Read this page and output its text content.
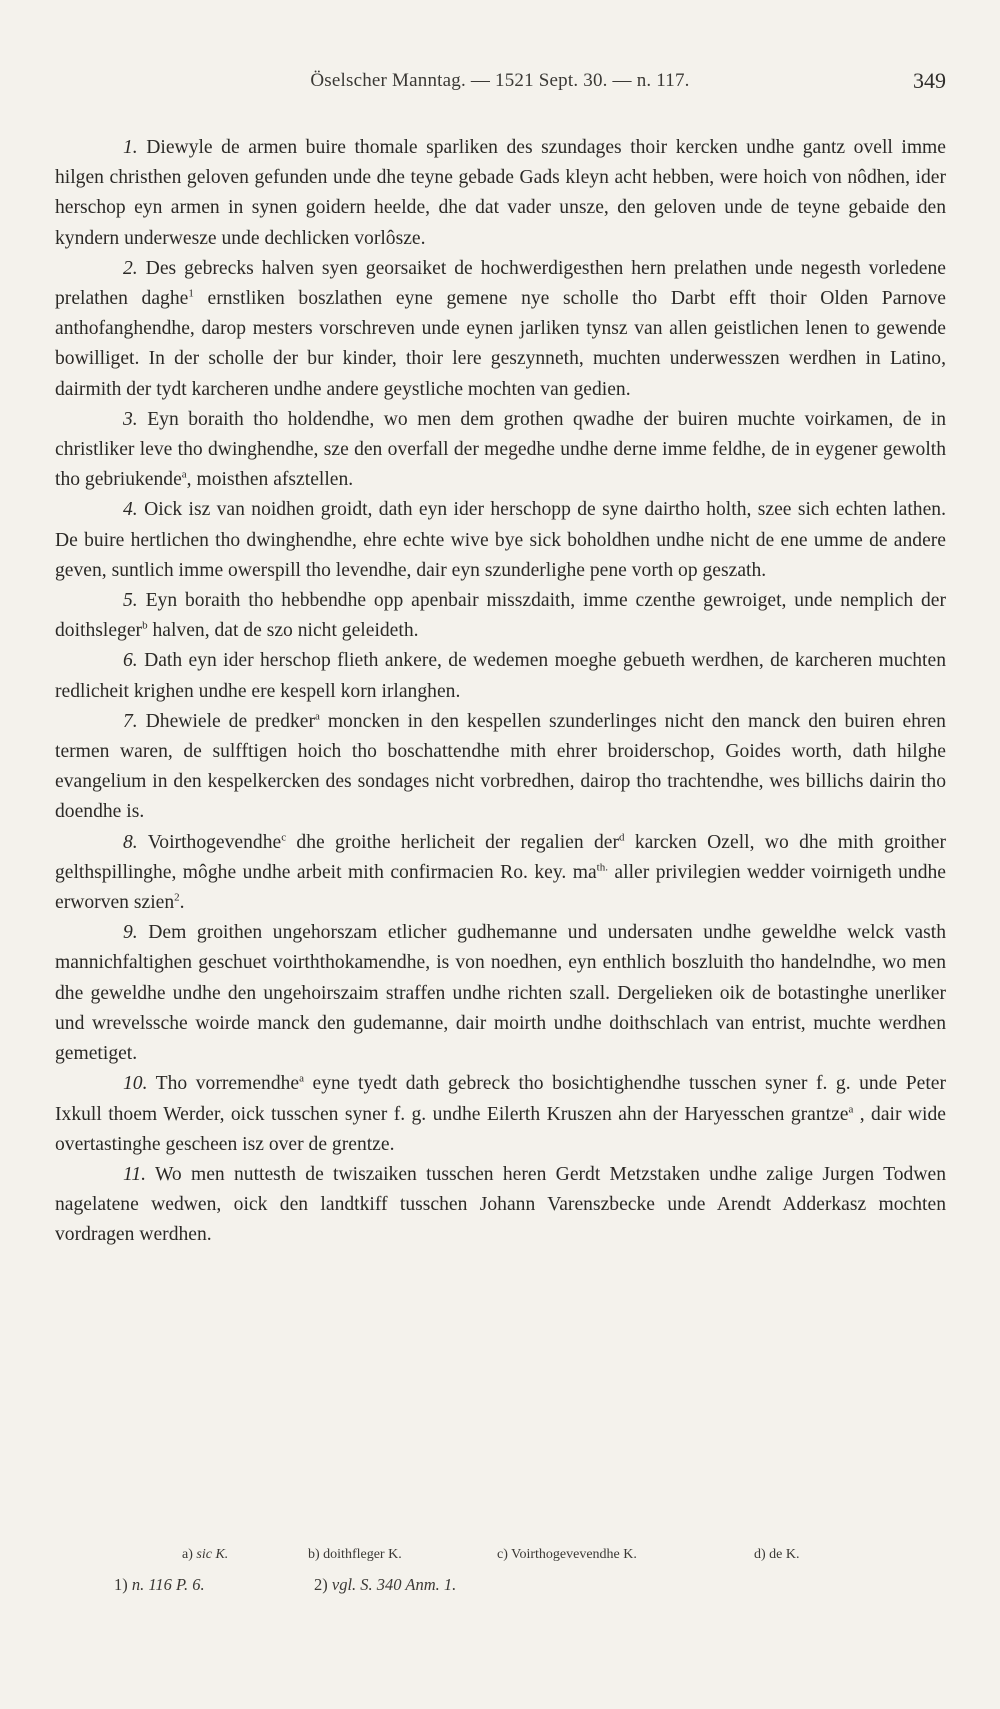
Öselscher Manntag. — 1521 Sept. 30. — n. 117.	349

1. Diewyle de armen buire thomale sparliken des szundages thoir kercken undhe gantz ovell imme hilgen christhen geloven gefunden unde dhe teyne gebade Gads kleyn acht hebben, were hoich von nôdhen, ider herschop eyn armen in synen goidern heelde, dhe dat vader unsze, den geloven unde de teyne gebaide den kyndern underwesze unde dechlicken vorlôsze.

2. Des gebrecks halven syen georsaiket de hochwerdigesthen hern prelathen unde negesth vorledene prelathen daghe$^1$ ernstliken boszlathen eyne gemene nye scholle tho Darbt efft thoir Olden Parnove anthofanghendhe, darop mesters vorschreven unde eynen jarliken tynsz van allen geistlichen lenen to gewende bowilliget. In der scholle der bur kinder, thoir lere geszynneth, muchten underwesszen werdhen in Latino, dairmith der tydt karcheren undhe andere geystliche mochten van gedien.

3. Eyn boraith tho holdendhe, wo men dem grothen qwadhe der buiren muchte voirkamen, de in christliker leve tho dwinghendhe, sze den overfall der megedhe undhe derne imme feldhe, de in eygener gewolth tho gebriukende$^a$, moisthen afsztellen.

4. Oick isz van noidhen groidt, dath eyn ider herschopp de syne dairtho holth, szee sich echten lathen. De buire hertlichen tho dwinghendhe, ehre echte wive bye sick boholdhen undhe nicht de ene umme de andere geven, suntlich imme owerspill tho levendhe, dair eyn szunderlighe pene vorth op geszath.

5. Eyn boraith tho hebbendhe opp apenbair misszdaith, imme czenthe gewroiget, unde nemplich der doithsleger$^b$ halven, dat de szo nicht geleideth.

6. Dath eyn ider herschop flieth ankere, de wedemen moeghe gebueth werdhen, de karcheren muchten redlicheit krighen undhe ere kespell korn irlanghen.

7. Dhewiele de predker$^a$ moncken in den kespellen szunderlinges nicht den manck den buiren ehren termen waren, de sulfftigen hoich tho boschattendhe mith ehrer broiderschop, Goides worth, dath hilghe evangelium in den kespelkercken des sondages nicht vorbredhen, dairop tho trachtendhe, wes billichs dairin tho doendhe is.

8. Voirthogevendhe$^c$ dhe groithe herlicheit der regalien der$^d$ karcken Ozell, wo dhe mith groither gelthspillinghe, môghe undhe arbeit mith confirmacien Ro. key. $ma^{th.}$ aller privilegien wedder voirnigeth undhe erworven szien$^2$.

9. Dem groithen ungehorszam etlicher gudhemanne und undersaten undhe geweldhe welck vasth mannichfaltighen geschuet voirththokamendhe, is von noedhen, eyn enthlich boszluith tho handelndhe, wo men dhe geweldhe undhe den ungehoirszaim straffen undhe richten szall. Dergelieken oik de botastinghe unerliker und wrevelssche woirde manck den gudemanne, dair moirth undhe doithschlach van entrist, muchte werdhen gemetiget.

10. Tho vorremendhe$^a$ eyne tyedt dath gebreck tho bosichtighendhe tusschen syner f. g. unde Peter Ixkull thoem Werder, oick tusschen syner f. g. undhe Eilerth Kruszen ahn der Haryesschen grantze$^a$ , dair wide overtastinghe gescheen isz over de grentze.

11. Wo men nuttesth de twiszaiken tusschen heren Gerdt Metzstaken undhe zalige Jurgen Todwen nagelatene wedwen, oick den landtkiff tusschen Johann Varenszbecke unde Arendt Adderkasz mochten vordragen werdhen.

a) sic K.	b) doithfleger K.	c) Voirthogevevendhe K.	d) de K.
1) n. 116 P. 6.	2) vgl. S. 340 Anm. 1.
